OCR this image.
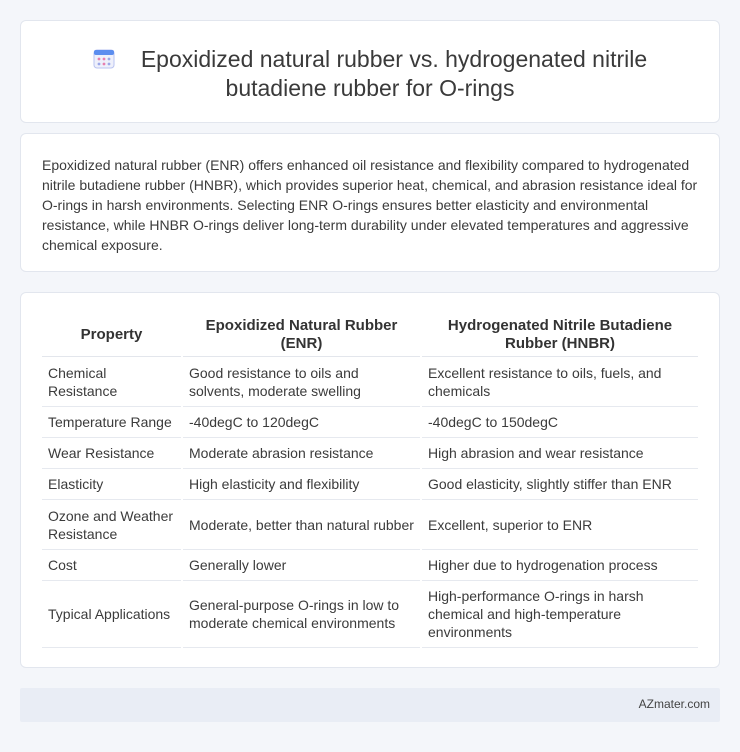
Epoxidized natural rubber vs. hydrogenated nitrile
butadiene rubber for O-rings

Epoxidized natural rubber (ENR) offers enhanced oil resistance and flexibility compared to hydrogenated nitrile butadiene rubber (HNBR), which provides superior heat, chemical, and abrasion resistance ideal for O-rings in harsh environments. Selecting ENR O-rings ensures better elasticity and environmental resistance, while HNBR O-rings deliver long-term durability under elevated temperatures and aggressive chemical exposure.

Property	Epoxidized Natural Rubber (ENR)	Hydrogenated Nitrile Butadiene Rubber (HNBR)
Chemical Resistance	Good resistance to oils and solvents, moderate swelling	Excellent resistance to oils, fuels, and chemicals
Temperature Range	-40degC to 120degC	-40degC to 150degC
Wear Resistance	Moderate abrasion resistance	High abrasion and wear resistance
Elasticity	High elasticity and flexibility	Good elasticity, slightly stiffer than ENR
Ozone and Weather Resistance	Moderate, better than natural rubber	Excellent, superior to ENR
Cost	Generally lower	Higher due to hydrogenation process
Typical Applications	General-purpose O-rings in low to moderate chemical environments	High-performance O-rings in harsh chemical and high-temperature environments
AZmater.com
